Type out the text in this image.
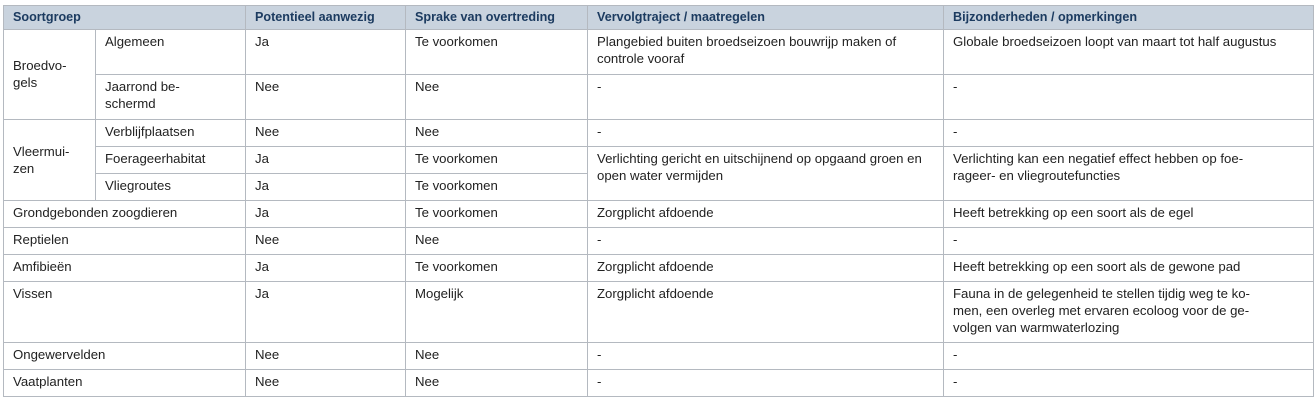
Soortgroep		Potentieel aanwezig	Sprake van overtreding	Vervolgtraject / maatregelen	Bijzonderheden / opmerkingen
Broedvo-
gels	Algemeen	Ja	Te voorkomen	Plangebied buiten broedseizoen bouwrijp maken of controle vooraf	Globale broedseizoen loopt van maart tot half augustus
	Jaarrond be-
schermd	Nee	Nee	-	-
Vleermui-
zen	Verblijfplaatsen	Nee	Nee	-	-
	Foerageerhabitat	Ja	Te voorkomen	Verlichting gericht en uitschijnend op opgaand groen en open water vermijden	Verlichting kan een negatief effect hebben op foe-
rageer- en vliegroutefuncties
	Vliegroutes	Ja	Te voorkomen		
Grondgebonden zoogdieren		Ja	Te voorkomen	Zorgplicht afdoende	Heeft betrekking op een soort als de egel
Reptielen		Nee	Nee	-	-
Amfibieën		Ja	Te voorkomen	Zorgplicht afdoende	Heeft betrekking op een soort als de gewone pad
Vissen		Ja	Mogelijk	Zorgplicht afdoende	Fauna in de gelegenheid te stellen tijdig weg te ko-
men, een overleg met ervaren ecoloog voor de ge-
volgen van warmwaterlozing
Ongewervelden		Nee	Nee	-	-
Vaatplanten		Nee	Nee	-	-
